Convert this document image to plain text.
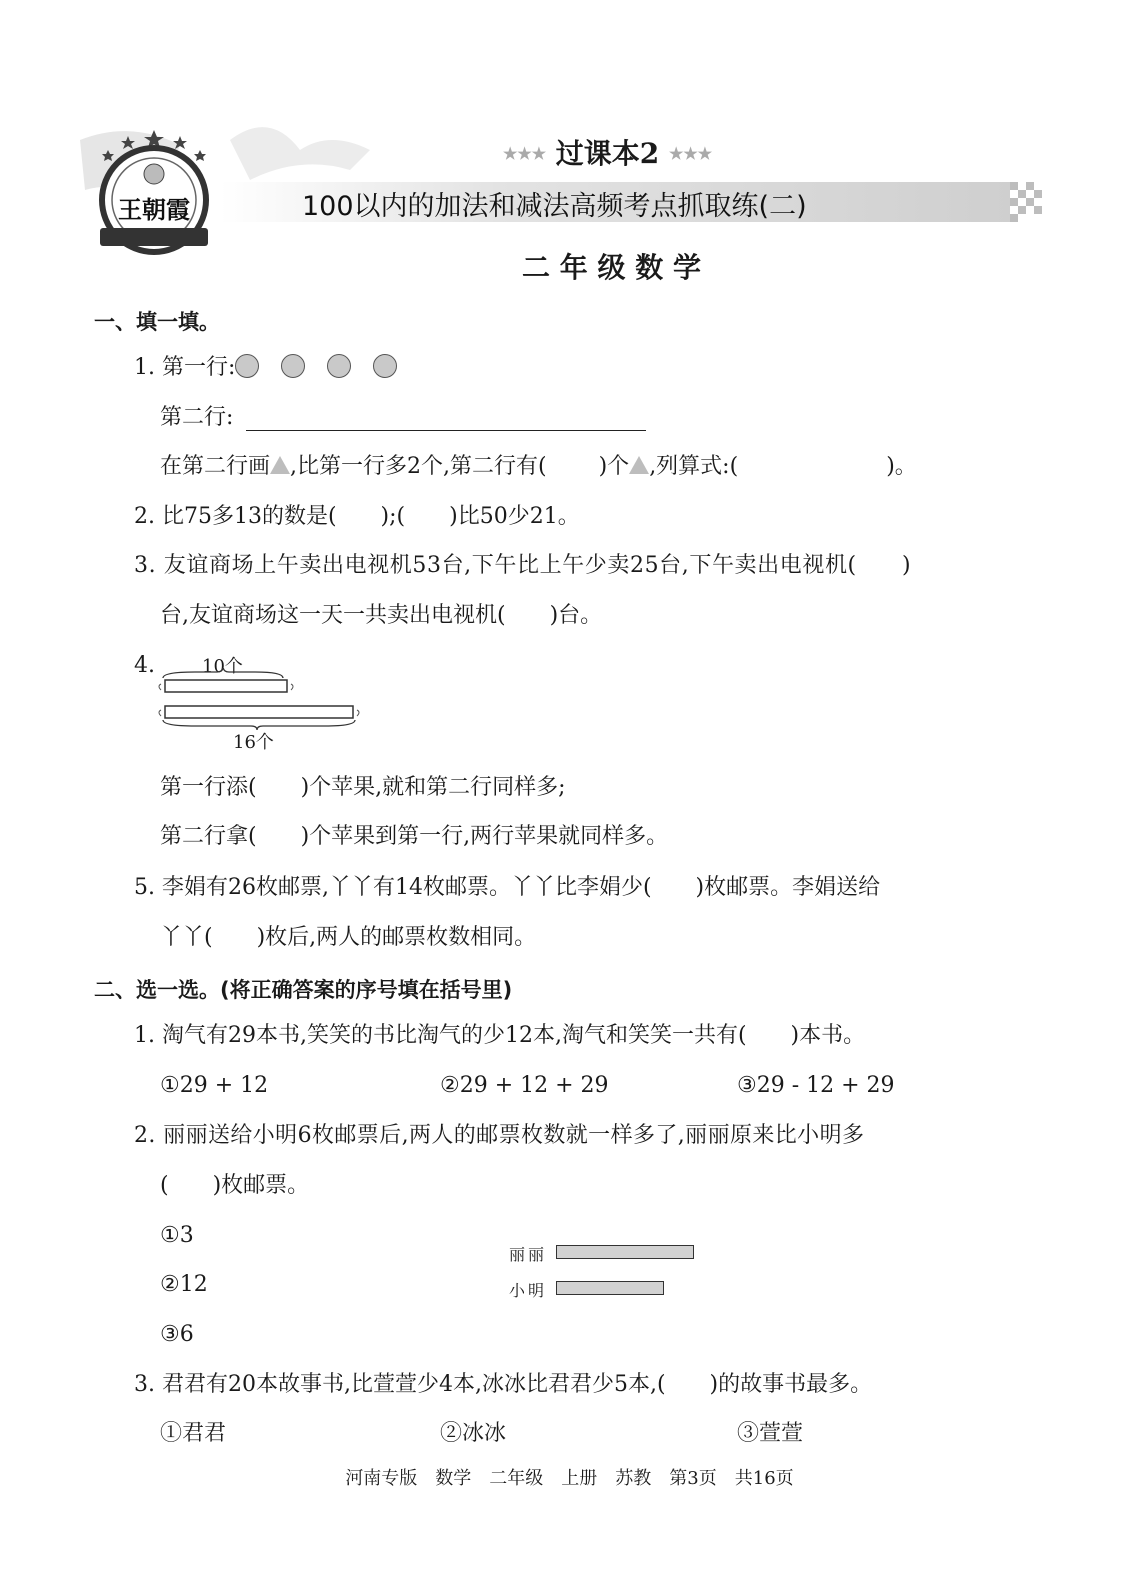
王朝霞
★★★ 过课本2 ★★★
100以内的加法和减法高频考点抓取练(二)
二 年 级 数 学
一、填一填。
1. 第一行:
第二行:
在第二行画 ,比第一行多2个,第二行有( )个 ,列算式:(	)。
2. 比75多13的数是(　　);(　　)比50少21。
3. 友谊商场上午卖出电视机53台,下午比上午少卖25台,下午卖出电视机(　　)
台,友谊商场这一天一共卖出电视机(　　)台。
4.	10个
16个
第一行添(　　)个苹果,就和第二行同样多;
第二行拿(　　)个苹果到第一行,两行苹果就同样多。
5. 李娟有26枚邮票,丫丫有14枚邮票。丫丫比李娟少(　　)枚邮票。李娟送给
丫丫(　　)枚后,两人的邮票枚数相同。
二、选一选。(将正确答案的序号填在括号里)
1. 淘气有29本书,笑笑的书比淘气的少12本,淘气和笑笑一共有(　　)本书。
①29 + 12	②29 + 12 + 29	③29 - 12 + 29
2. 丽丽送给小明6枚邮票后,两人的邮票枚数就一样多了,丽丽原来比小明多
(　　)枚邮票。
①3
②12
③6
丽丽
小明
3. 君君有20本故事书,比萱萱少4本,冰冰比君君少5本,(　　)的故事书最多。
①君君	②冰冰	③萱萱
河南专版　数学　二年级　上册　苏教　第3页　共16页
